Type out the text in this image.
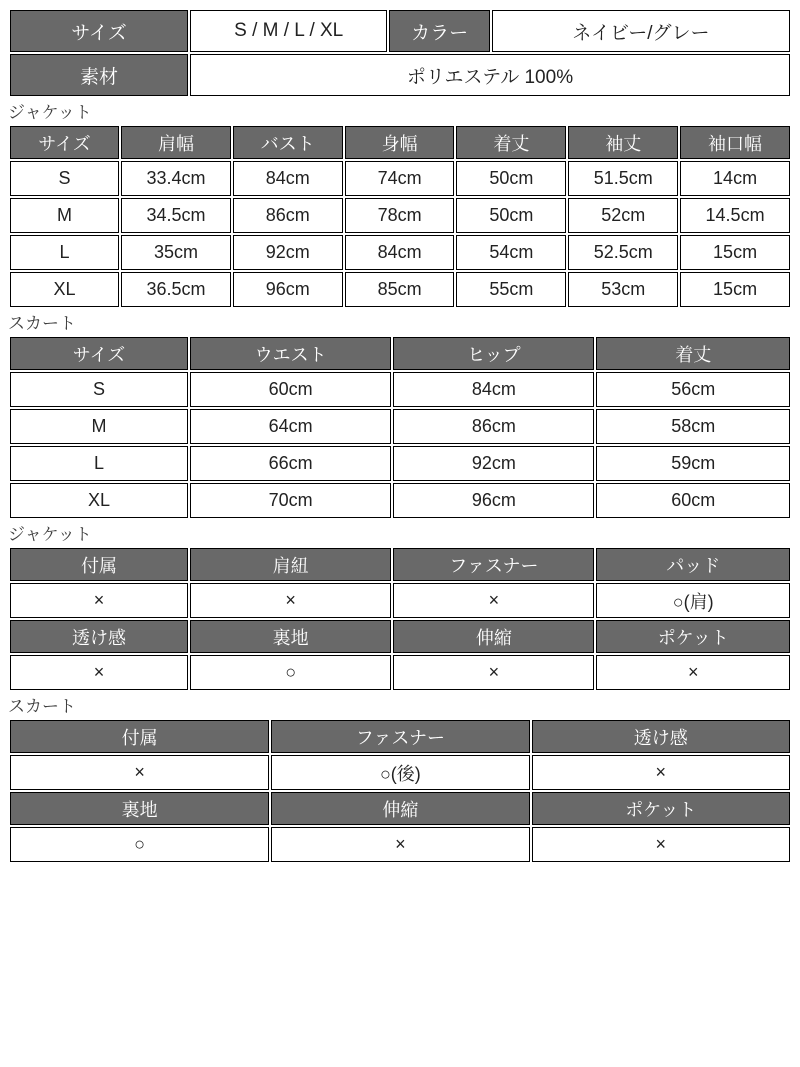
サイズ	S / M / L / XL	カラー	ネイビー/グレー
素材	ポリエステル 100%		
ジャケット
サイズ	肩幅	バスト	身幅	着丈	袖丈	袖口幅
S	33.4cm	84cm	74cm	50cm	51.5cm	14cm
M	34.5cm	86cm	78cm	50cm	52cm	14.5cm
L	35cm	92cm	84cm	54cm	52.5cm	15cm
XL	36.5cm	96cm	85cm	55cm	53cm	15cm
スカート
サイズ	ウエスト	ヒップ	着丈
S	60cm	84cm	56cm
M	64cm	86cm	58cm
L	66cm	92cm	59cm
XL	70cm	96cm	60cm
ジャケット
付属	肩紐	ファスナー	パッド
×	×	×	○(肩)
透け感	裏地	伸縮	ポケット
×	○	×	×
スカート
付属	ファスナー	透け感
×	○(後)	×
裏地	伸縮	ポケット
○	×	×
